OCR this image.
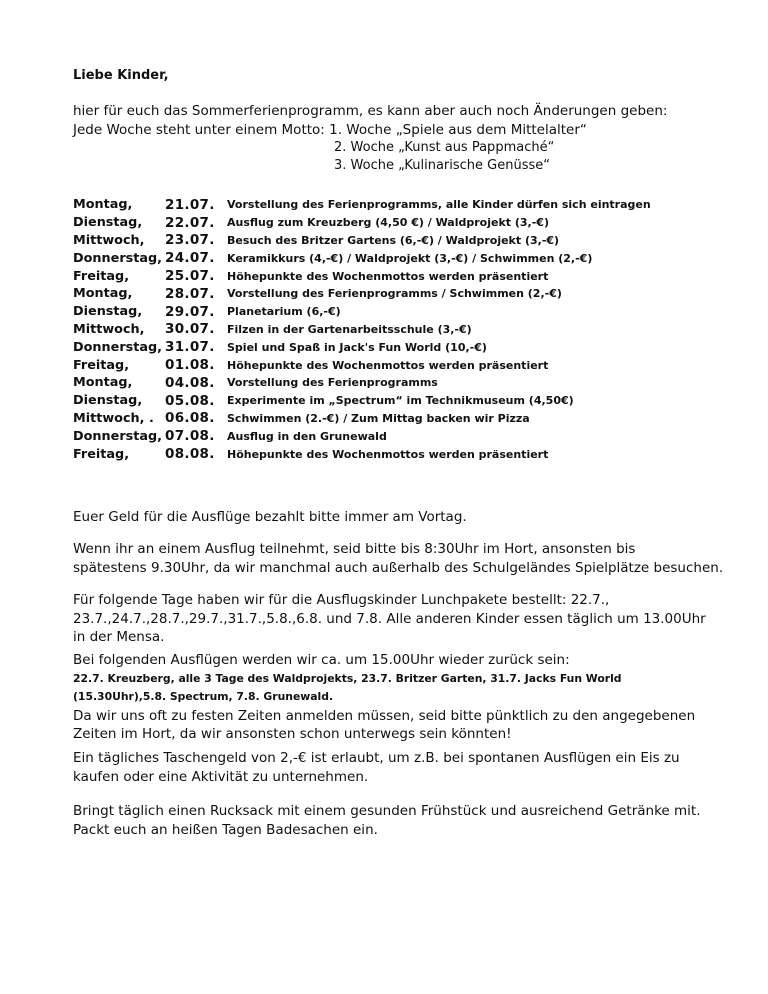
Liebe Kinder,

hier für euch das Sommerferienprogramm, es kann aber auch noch Änderungen geben:

Jede Woche steht unter einem Motto: 1. Woche „Spiele aus dem Mittelalter“

2. Woche „Kunst aus Pappmaché“
3. Woche „Kulinarische Genüsse“
Montag,	21.07.	Vorstellung des Ferienprogramms, alle Kinder dürfen sich eintragen
Dienstag,	22.07.	Ausflug zum Kreuzberg (4,50 €) / Waldprojekt (3,-€)
Mittwoch,	23.07.	Besuch des Britzer Gartens (6,-€) / Waldprojekt (3,-€)
Donnerstag, 24.07.	Keramikkurs (4,-€) / Waldprojekt (3,-€) / Schwimmen (2,-€)
Freitag,	25.07.	Höhepunkte des Wochenmottos werden präsentiert
Montag,	28.07.	Vorstellung des Ferienprogramms / Schwimmen (2,-€)
Dienstag,	29.07.	Planetarium (6,-€)
Mittwoch,	30.07.	Filzen in der Gartenarbeitsschule (3,-€)
Donnerstag, 31.07.	Spiel und Spaß in Jack's Fun World (10,-€)
Freitag,	01.08.	Höhepunkte des Wochenmottos werden präsentiert
Montag,	04.08.	Vorstellung des Ferienprogramms
Dienstag,	05.08.	Experimente im „Spectrum“ im Technikmuseum (4,50€)
Mittwoch, . 06.08.	Schwimmen (2.-€) / Zum Mittag backen wir Pizza
Donnerstag, 07.08.	Ausflug in den Grunewald
Freitag,	08.08.	Höhepunkte des Wochenmottos werden präsentiert

Euer Geld für die Ausflüge bezahlt bitte immer am Vortag.

Wenn ihr an einem Ausflug teilnehmt, seid bitte bis 8:30Uhr im Hort, ansonsten bis

spätestens 9.30Uhr, da wir manchmal auch außerhalb des Schulgeländes Spielplätze besuchen.

Für folgende Tage haben wir für die Ausflugskinder Lunchpakete bestellt: 22.7.,

23.7.,24.7.,28.7.,29.7.,31.7.,5.8.,6.8. und 7.8. Alle anderen Kinder essen täglich um 13.00Uhr

in der Mensa.

Bei folgenden Ausflügen werden wir ca. um 15.00Uhr wieder zurück sein:

22.7. Kreuzberg, alle 3 Tage des Waldprojekts, 23.7. Britzer Garten, 31.7. Jacks Fun World

(15.30Uhr),5.8. Spectrum, 7.8. Grunewald.

Da wir uns oft zu festen Zeiten anmelden müssen, seid bitte pünktlich zu den angegebenen

Zeiten im Hort, da wir ansonsten schon unterwegs sein könnten!

Ein tägliches Taschengeld von 2,-€ ist erlaubt, um z.B. bei spontanen Ausflügen ein Eis zu

kaufen oder eine Aktivität zu unternehmen.

Bringt täglich einen Rucksack mit einem gesunden Frühstück und ausreichend Getränke mit.

Packt euch an heißen Tagen Badesachen ein.
